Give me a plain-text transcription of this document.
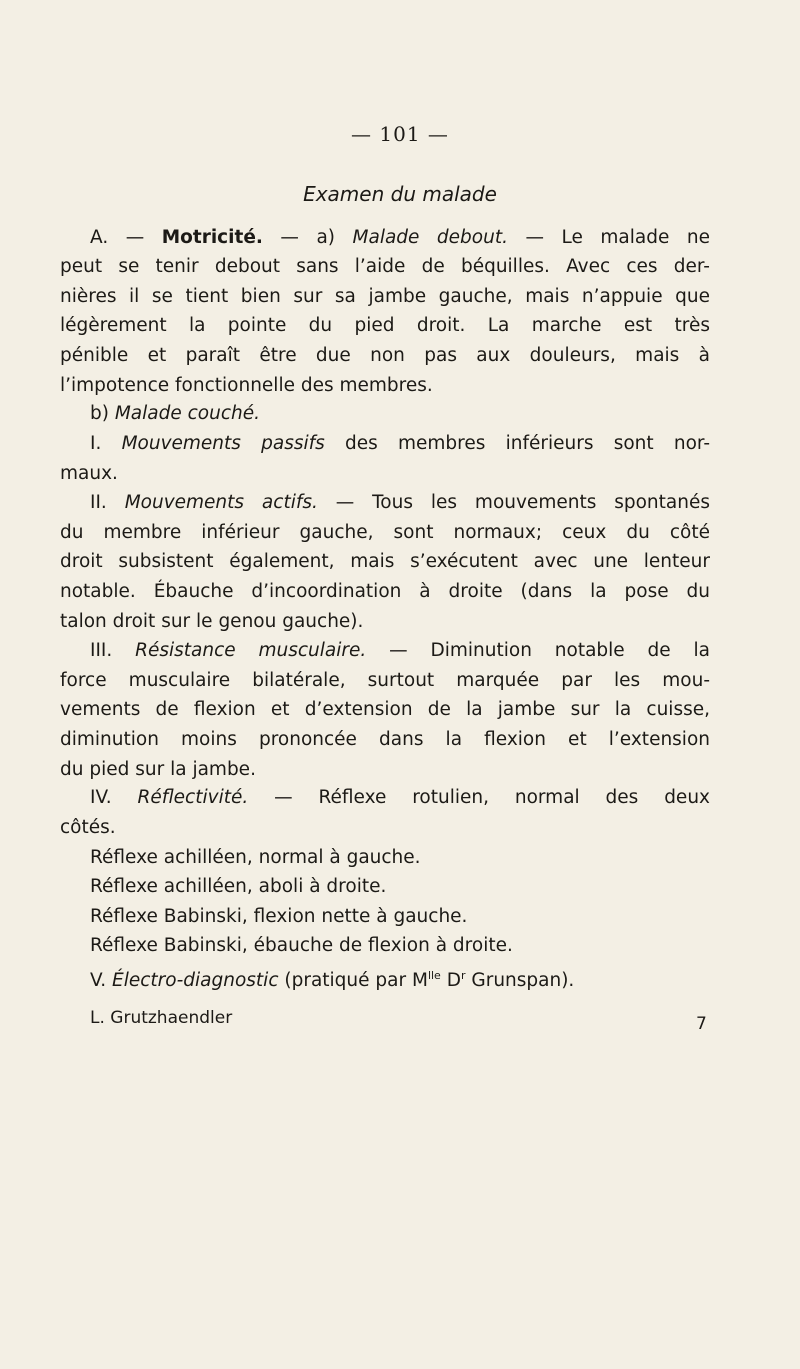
— 101 —
Examen du malade
A. — Motricité. — a) Malade debout. — Le malade ne
peut se tenir debout sans l’aide de béquilles. Avec ces der-
nières il se tient bien sur sa jambe gauche, mais n’appuie que
légèrement la pointe du pied droit. La marche est très
pénible et paraît être due non pas aux douleurs, mais à
l’impotence fonctionnelle des membres.
b) Malade couché.
I. Mouvements passifs des membres inférieurs sont nor-
maux.
II. Mouvements actifs. — Tous les mouvements spontanés
du membre inférieur gauche, sont normaux; ceux du côté
droit subsistent également, mais s’exécutent avec une lenteur
notable. Ébauche d’incoordination à droite (dans la pose du
talon droit sur le genou gauche).
III. Résistance musculaire. — Diminution notable de la
force musculaire bilatérale, surtout marquée par les mou-
vements de flexion et d’extension de la jambe sur la cuisse,
diminution moins prononcée dans la flexion et l’extension
du pied sur la jambe.
IV. Réflectivité. — Réflexe rotulien, normal des deux
côtés.
Réflexe achilléen, normal à gauche.
Réflexe achilléen, aboli à droite.
Réflexe Babinski, flexion nette à gauche.
Réflexe Babinski, ébauche de flexion à droite.
V. Électro-diagnostic (pratiqué par $M^{lle}$ $D^r$ Grunspan).
L. Grutzhaendler	7
